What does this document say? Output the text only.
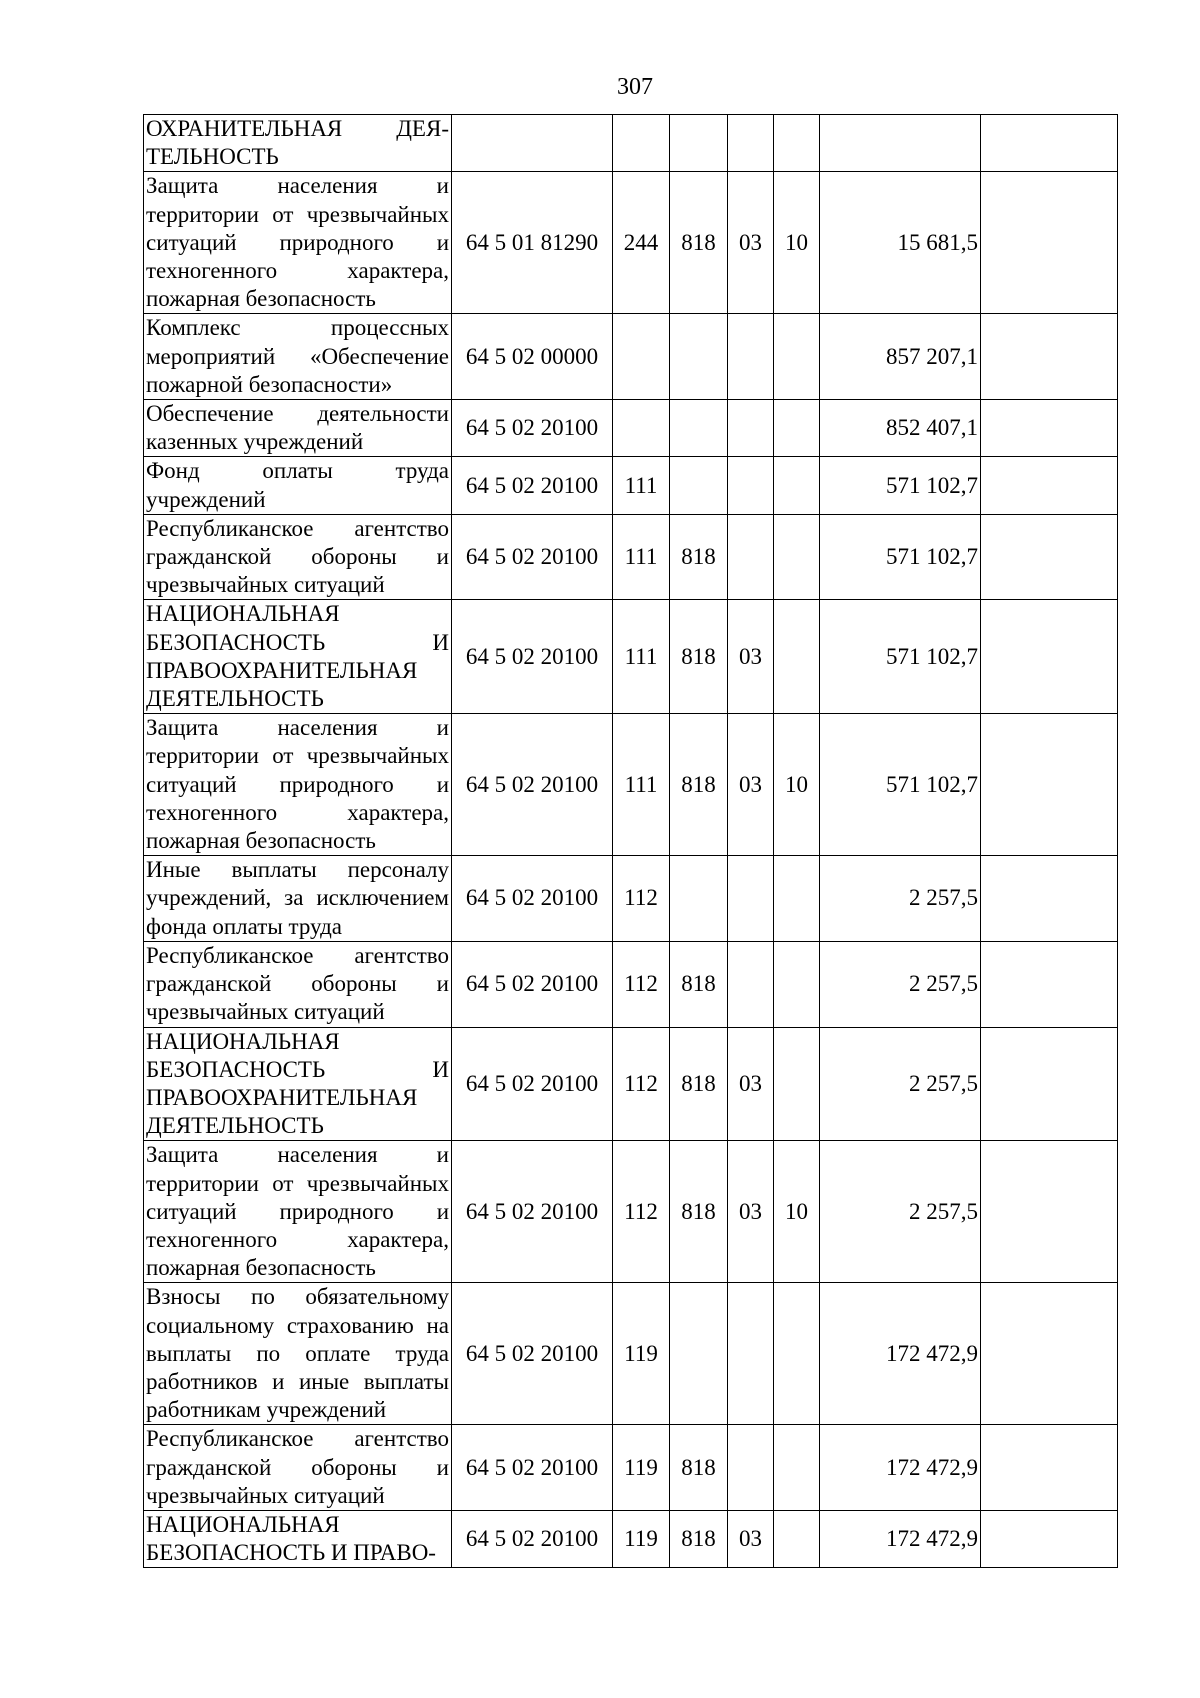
307
ОХРАНИТЕЛЬНАЯ ДЕЯ-ТЕЛЬНОСТЬ							
Защита населения и территории от чрезвычайных ситуаций природного и техногенного характера, пожарная безопасность	64 5 01 81290	244	818	03	10	15 681,5	
Комплекс процессных мероприятий «Обеспечение пожарной безопасности»	64 5 02 00000					857 207,1	
Обеспечение деятельности казенных учреждений	64 5 02 20100					852 407,1	
Фонд оплаты труда учреждений	64 5 02 20100	111				571 102,7	
Республиканское агентство гражданской обороны и чрезвычайных ситуаций	64 5 02 20100	111	818			571 102,7	
НАЦИОНАЛЬНАЯ БЕЗОПАСНОСТЬ И ПРАВООХРАНИТЕЛЬНАЯ ДЕЯТЕЛЬНОСТЬ	64 5 02 20100	111	818	03		571 102,7	
Защита населения и территории от чрезвычайных ситуаций природного и техногенного характера, пожарная безопасность	64 5 02 20100	111	818	03	10	571 102,7	
Иные выплаты персоналу учреждений, за исключением фонда оплаты труда	64 5 02 20100	112				2 257,5	
Республиканское агентство гражданской обороны и чрезвычайных ситуаций	64 5 02 20100	112	818			2 257,5	
НАЦИОНАЛЬНАЯ БЕЗОПАСНОСТЬ И ПРАВООХРАНИТЕЛЬНАЯ ДЕЯТЕЛЬНОСТЬ	64 5 02 20100	112	818	03		2 257,5	
Защита населения и территории от чрезвычайных ситуаций природного и техногенного характера, пожарная безопасность	64 5 02 20100	112	818	03	10	2 257,5	
Взносы по обязательному социальному страхованию на выплаты по оплате труда работников и иные выплаты работникам учреждений	64 5 02 20100	119				172 472,9	
Республиканское агентство гражданской обороны и чрезвычайных ситуаций	64 5 02 20100	119	818			172 472,9	
НАЦИОНАЛЬНАЯ БЕЗОПАСНОСТЬ И ПРАВО-	64 5 02 20100	119	818	03		172 472,9	
